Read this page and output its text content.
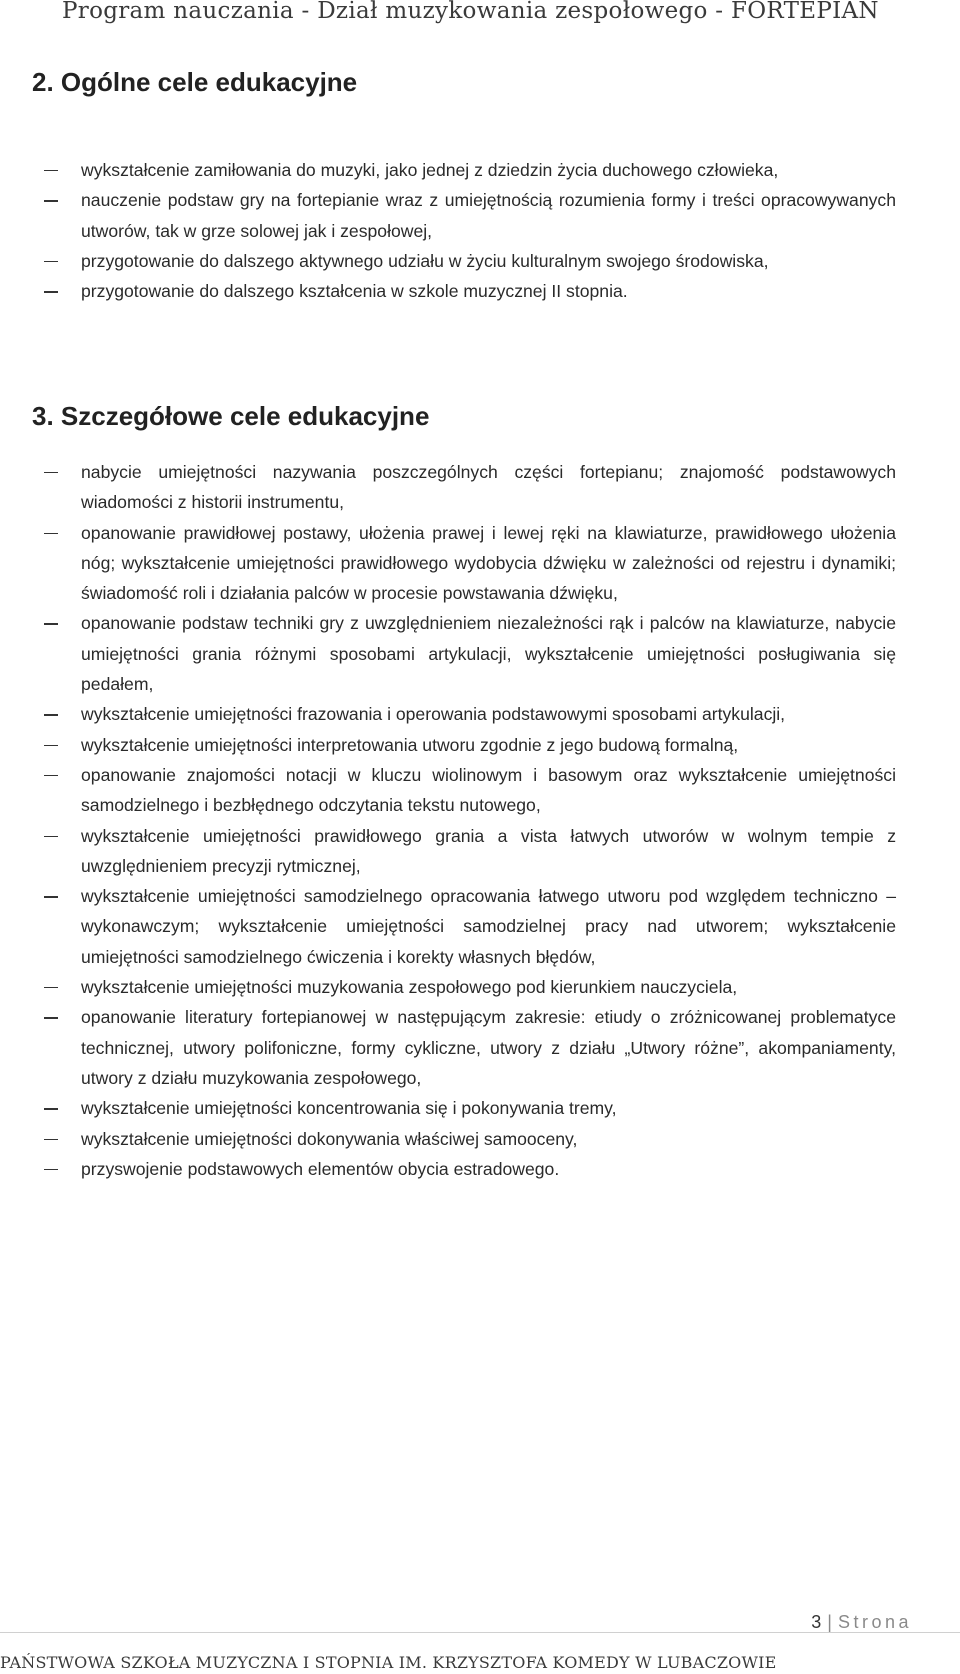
Program nauczania - Dział muzykowania zespołowego - FORTEPIAN
2. Ogólne cele edukacyjne
wykształcenie zamiłowania do muzyki, jako jednej z dziedzin życia duchowego człowieka,
nauczenie podstaw gry na fortepianie wraz z umiejętnością rozumienia formy i treści opracowywanych utworów, tak w grze solowej jak i zespołowej,
przygotowanie do dalszego aktywnego udziału w życiu kulturalnym swojego środowiska,
przygotowanie do dalszego kształcenia w szkole muzycznej II stopnia.
3. Szczegółowe cele edukacyjne
nabycie umiejętności nazywania poszczególnych części fortepianu; znajomość podstawowych wiadomości z historii instrumentu,
opanowanie prawidłowej postawy, ułożenia prawej i lewej ręki na klawiaturze, prawidłowego ułożenia nóg; wykształcenie umiejętności prawidłowego wydobycia dźwięku w zależności od rejestru i dynamiki; świadomość roli i działania palców w procesie powstawania dźwięku,
opanowanie podstaw techniki gry z uwzględnieniem niezależności rąk i palców na klawiaturze, nabycie umiejętności grania różnymi sposobami artykulacji, wykształcenie umiejętności posługiwania się pedałem,
wykształcenie umiejętności frazowania i operowania podstawowymi sposobami artykulacji,
wykształcenie umiejętności interpretowania utworu zgodnie z jego budową formalną,
opanowanie znajomości notacji w kluczu wiolinowym i basowym oraz wykształcenie umiejętności samodzielnego i bezbłędnego odczytania tekstu nutowego,
wykształcenie umiejętności prawidłowego grania a vista łatwych utworów w wolnym tempie z uwzględnieniem precyzji rytmicznej,
wykształcenie umiejętności samodzielnego opracowania łatwego utworu pod względem techniczno – wykonawczym; wykształcenie umiejętności samodzielnej pracy nad utworem; wykształcenie umiejętności samodzielnego ćwiczenia i korekty własnych błędów,
wykształcenie umiejętności muzykowania zespołowego pod kierunkiem nauczyciela,
opanowanie literatury fortepianowej w następującym zakresie: etiudy o zróżnicowanej problematyce technicznej, utwory polifoniczne, formy cykliczne, utwory z działu „Utwory różne”, akompaniamenty, utwory z działu muzykowania zespołowego,
wykształcenie umiejętności koncentrowania się i pokonywania tremy,
wykształcenie umiejętności dokonywania właściwej samooceny,
przyswojenie podstawowych elementów obycia estradowego.
3 | Strona
PAŃSTWOWA SZKOŁA MUZYCZNA I STOPNIA IM. KRZYSZTOFA KOMEDY W LUBACZOWIE
